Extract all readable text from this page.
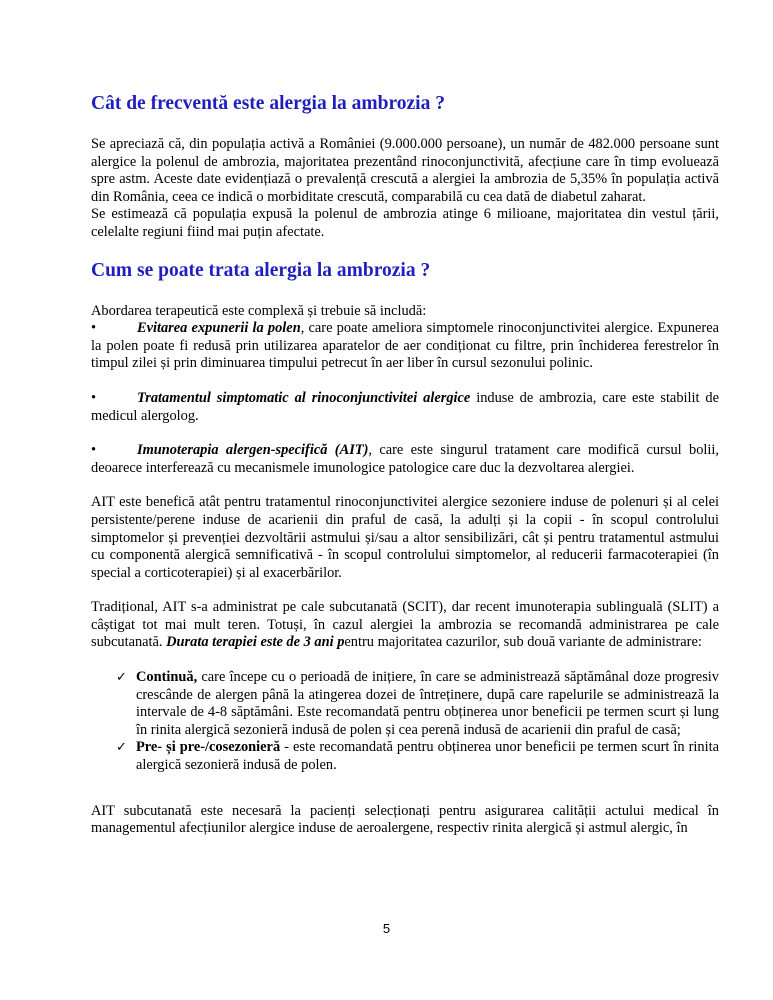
Cât de frecventă este alergia la ambrozia ?

Se apreciază că, din populația activă a României (9.000.000 persoane), un număr de 482.000 persoane sunt alergice la polenul de ambrozia, majoritatea prezentând rinoconjunctivită, afecțiune care în timp evoluează spre astm. Aceste date evidențiază o prevalență crescută a alergiei la ambrozia de 5,35% în populația activă din România, ceea ce indică o morbiditate crescută, comparabilă cu cea dată de diabetul zaharat.

Se estimează că populația expusă la polenul de ambrozia atinge 6 milioane, majoritatea din vestul țării, celelalte regiuni fiind mai puțin afectate.

Cum se poate trata alergia la ambrozia ?

Abordarea terapeutică este complexă și trebuie să includă:

•	Evitarea expunerii la polen, care poate ameliora simptomele rinoconjunctivitei alergice. Expunerea la polen poate fi redusă prin utilizarea aparatelor de aer condiționat cu filtre, prin închiderea ferestrelor în timpul zilei și prin diminuarea timpului petrecut în aer liber în cursul sezonului polinic.

•	Tratamentul simptomatic al rinoconjunctivitei alergice induse de ambrozia, care este stabilit de medicul alergolog.

•	Imunoterapia alergen-specifică (AIT), care este singurul tratament care modifică cursul bolii, deoarece interferează cu mecanismele imunologice patologice care duc la dezvoltarea alergiei.

AIT este benefică atât pentru tratamentul rinoconjunctivitei alergice sezoniere induse de polenuri și al celei persistente/perene induse de acarienii din praful de casă, la adulți și la copii - în scopul controlului simptomelor și prevenției dezvoltării astmului și/sau a altor sensibilizări, cât și pentru tratamentul astmului cu componentă alergică semnificativă - în scopul controlului simptomelor, al reducerii farmacoterapiei (în special a corticoterapiei) și al exacerbărilor.

Tradițional, AIT s-a administrat pe cale subcutanată (SCIT), dar recent imunoterapia sublinguală (SLIT) a câștigat tot mai mult teren. Totuși, în cazul alergiei la ambrozia se recomandă administrarea pe cale subcutanată. Durata terapiei este de 3 ani pentru majoritatea cazurilor, sub două variante de administrare:

✓ Continuă, care începe cu o perioadă de inițiere, în care se administrează săptămânal doze progresiv crescânde de alergen până la atingerea dozei de întreținere, după care rapelurile se administrează la intervale de 4-8 săptămâni. Este recomandată pentru obținerea unor beneficii pe termen scurt și lung în rinita alergică sezonieră indusă de polen și cea perenă indusă de acarienii din praful de casă;
✓ Pre- și pre-/cosezonieră - este recomandată pentru obținerea unor beneficii pe termen scurt în rinita alergică sezonieră indusă de polen.

AIT subcutanată este necesară la pacienți selecționați pentru asigurarea calității actului medical în managementul afecțiunilor alergice induse de aeroalergene, respectiv rinita alergică și astmul alergic, în

5
